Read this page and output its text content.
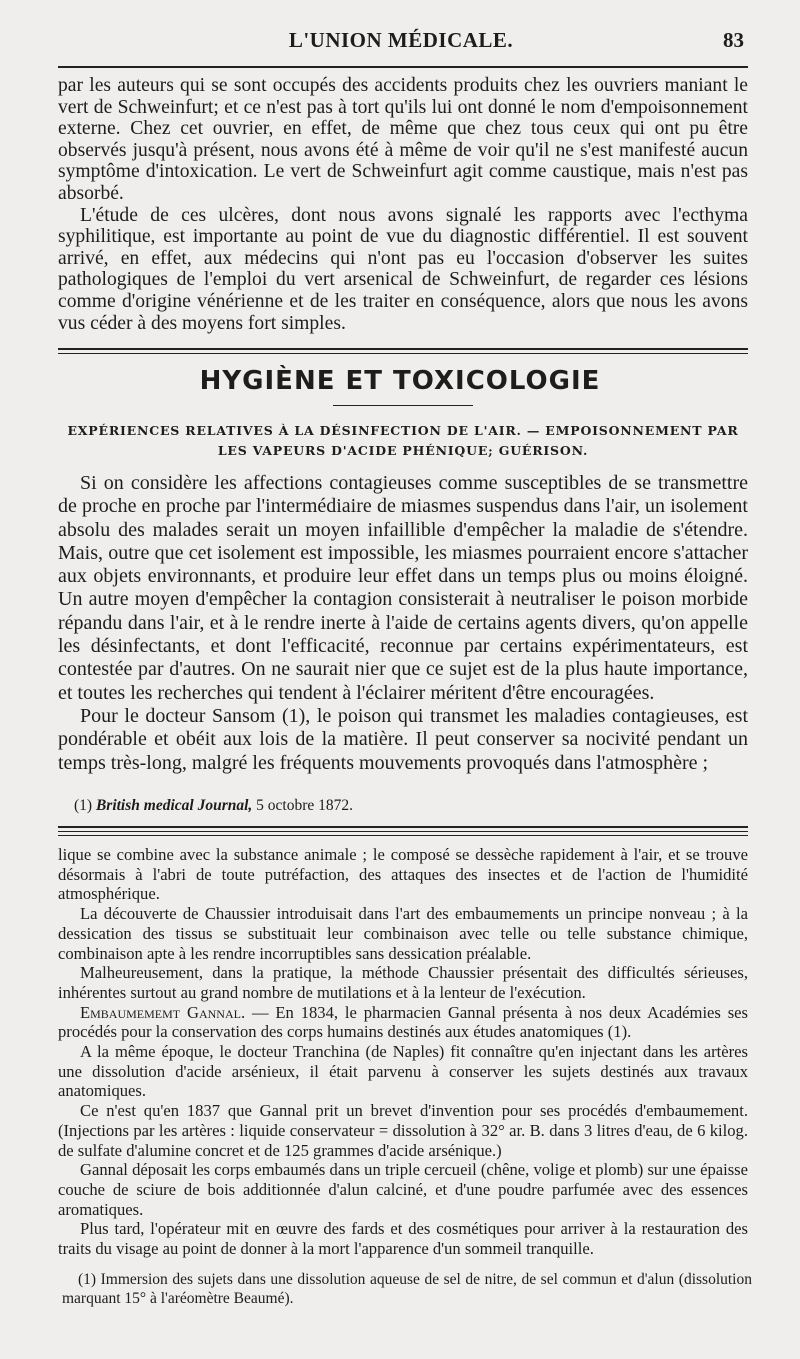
L'UNION MÉDICALE.	83

par les auteurs qui se sont occupés des accidents produits chez les ouvriers maniant le vert de Schweinfurt; et ce n'est pas à tort qu'ils lui ont donné le nom d'empoisonnement externe. Chez cet ouvrier, en effet, de même que chez tous ceux qui ont pu être observés jusqu'à présent, nous avons été à même de voir qu'il ne s'est manifesté aucun symptôme d'intoxication. Le vert de Schweinfurt agit comme caustique, mais n'est pas absorbé.

L'étude de ces ulcères, dont nous avons signalé les rapports avec l'ecthyma syphilitique, est importante au point de vue du diagnostic différentiel. Il est souvent arrivé, en effet, aux médecins qui n'ont pas eu l'occasion d'observer les suites pathologiques de l'emploi du vert arsenical de Schweinfurt, de regarder ces lésions comme d'origine vénérienne et de les traiter en conséquence, alors que nous les avons vus céder à des moyens fort simples.

HYGIÈNE ET TOXICOLOGIE
EXPÉRIENCES RELATIVES À LA DÉSINFECTION DE L'AIR. — EMPOISONNEMENT PAR LES VAPEURS D'ACIDE PHÉNIQUE; GUÉRISON.

Si on considère les affections contagieuses comme susceptibles de se transmettre de proche en proche par l'intermédiaire de miasmes suspendus dans l'air, un isolement absolu des malades serait un moyen infaillible d'empêcher la maladie de s'étendre. Mais, outre que cet isolement est impossible, les miasmes pourraient encore s'attacher aux objets environnants, et produire leur effet dans un temps plus ou moins éloigné. Un autre moyen d'empêcher la contagion consisterait à neutraliser le poison morbide répandu dans l'air, et à le rendre inerte à l'aide de certains agents divers, qu'on appelle les désinfectants, et dont l'efficacité, reconnue par certains expérimentateurs, est contestée par d'autres. On ne saurait nier que ce sujet est de la plus haute importance, et toutes les recherches qui tendent à l'éclairer méritent d'être encouragées.

Pour le docteur Sansom (1), le poison qui transmet les maladies contagieuses, est pondérable et obéit aux lois de la matière. Il peut conserver sa nocivité pendant un temps très-long, malgré les fréquents mouvements provoqués dans l'atmosphère ;

(1) British medical Journal, 5 octobre 1872.

lique se combine avec la substance animale ; le composé se dessèche rapidement à l'air, et se trouve désormais à l'abri de toute putréfaction, des attaques des insectes et de l'action de l'humidité atmosphérique.

La découverte de Chaussier introduisait dans l'art des embaumements un principe nonveau ; à la dessication des tissus se substituait leur combinaison avec telle ou telle substance chimique, combinaison apte à les rendre incorruptibles sans dessication préalable.

Malheureusement, dans la pratique, la méthode Chaussier présentait des difficultés sérieuses, inhérentes surtout au grand nombre de mutilations et à la lenteur de l'exécution.

Embaumememt Gannal. — En 1834, le pharmacien Gannal présenta à nos deux Académies ses procédés pour la conservation des corps humains destinés aux études anatomiques (1).

A la même époque, le docteur Tranchina (de Naples) fit connaître qu'en injectant dans les artères une dissolution d'acide arsénieux, il était parvenu à conserver les sujets destinés aux travaux anatomiques.

Ce n'est qu'en 1837 que Gannal prit un brevet d'invention pour ses procédés d'embaumement. (Injections par les artères : liquide conservateur = dissolution à 32° ar. B. dans 3 litres d'eau, de 6 kilog. de sulfate d'alumine concret et de 125 grammes d'acide arsénique.)

Gannal déposait les corps embaumés dans un triple cercueil (chêne, volige et plomb) sur une épaisse couche de sciure de bois additionnée d'alun calciné, et d'une poudre parfumée avec des essences aromatiques.

Plus tard, l'opérateur mit en œuvre des fards et des cosmétiques pour arriver à la restauration des traits du visage au point de donner à la mort l'apparence d'un sommeil tranquille.

(1) Immersion des sujets dans une dissolution aqueuse de sel de nitre, de sel commun et d'alun (dissolution marquant 15° à l'aréomètre Beaumé).
